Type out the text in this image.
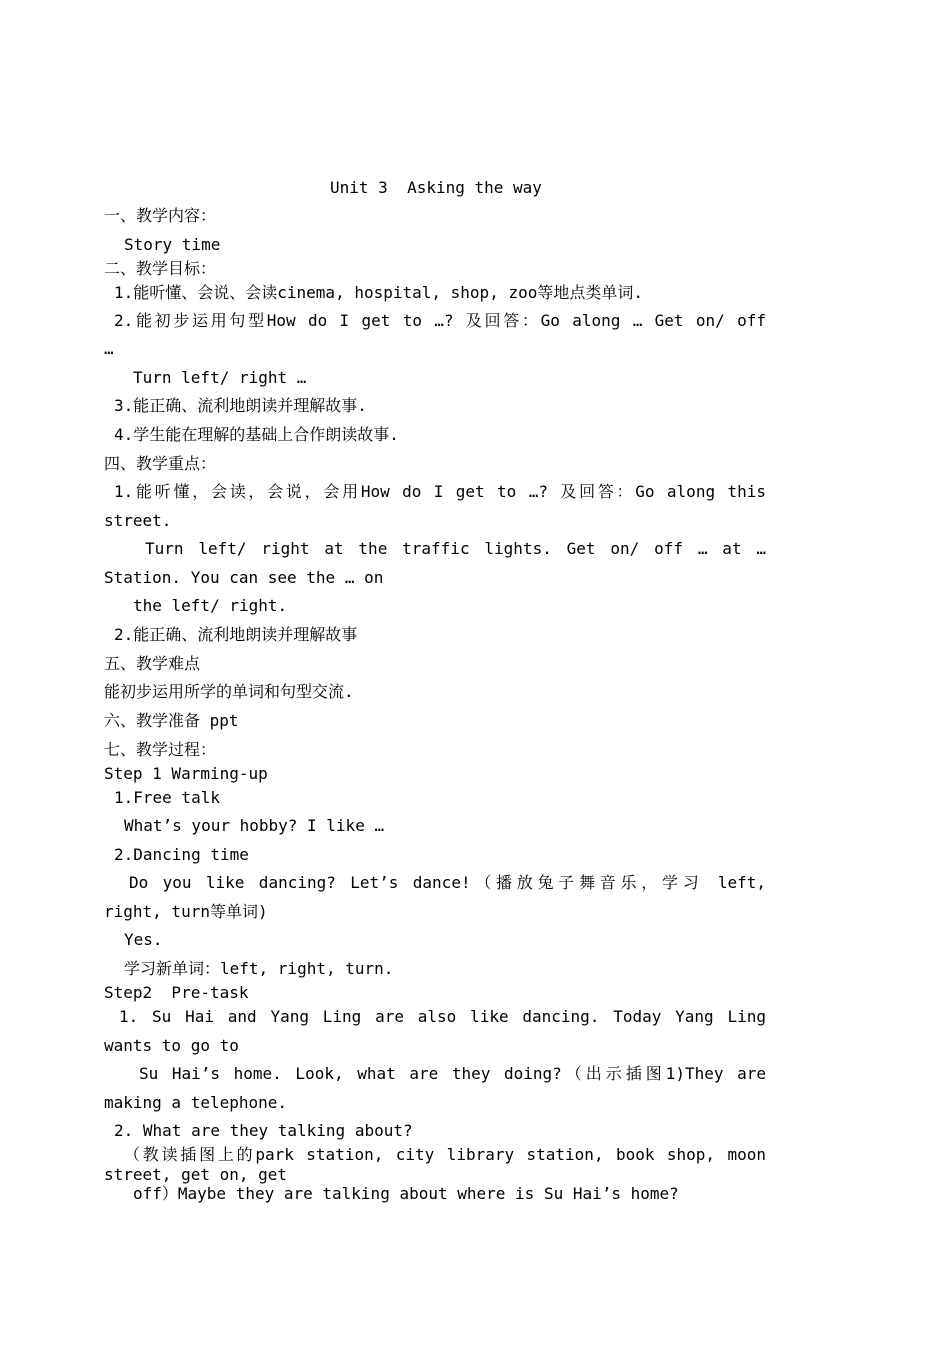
Unit 3  Asking the way
一、教学内容：
Story time
二、教学目标：
1.能听懂、会说、会读cinema, hospital, shop, zoo等地点类单词.
2.能初步运用句型How do I get to …? 及回答：Go along … Get on/ off
…
Turn left/ right …
3.能正确、流利地朗读并理解故事.
4.学生能在理解的基础上合作朗读故事.
四、教学重点：
1.能听懂，会读，会说，会用How do I get to …? 及回答：Go along this
street.
Turn left/ right at the traffic lights. Get on/ off … at …
Station. You can see the … on
the left/ right.
2.能正确、流利地朗读并理解故事
五、教学难点
能初步运用所学的单词和句型交流.
六、教学准备 ppt
七、教学过程：
Step 1 Warming-up
1.Free talk
What’s your hobby? I like …
2.Dancing time
Do you like dancing? Let’s dance!（播放兔子舞音乐，学习 left,
right, turn等单词)
Yes.
学习新单词：left, right, turn.
Step2  Pre-task
1. Su Hai and Yang Ling are also like dancing. Today Yang Ling
wants to go to
Su Hai’s home. Look, what are they doing?（出示插图1)They are
making a telephone.
2. What are they talking about?
（教读插图上的park station, city library station, book shop, moon
street, get on, get
off）Maybe they are talking about where is Su Hai’s home?
